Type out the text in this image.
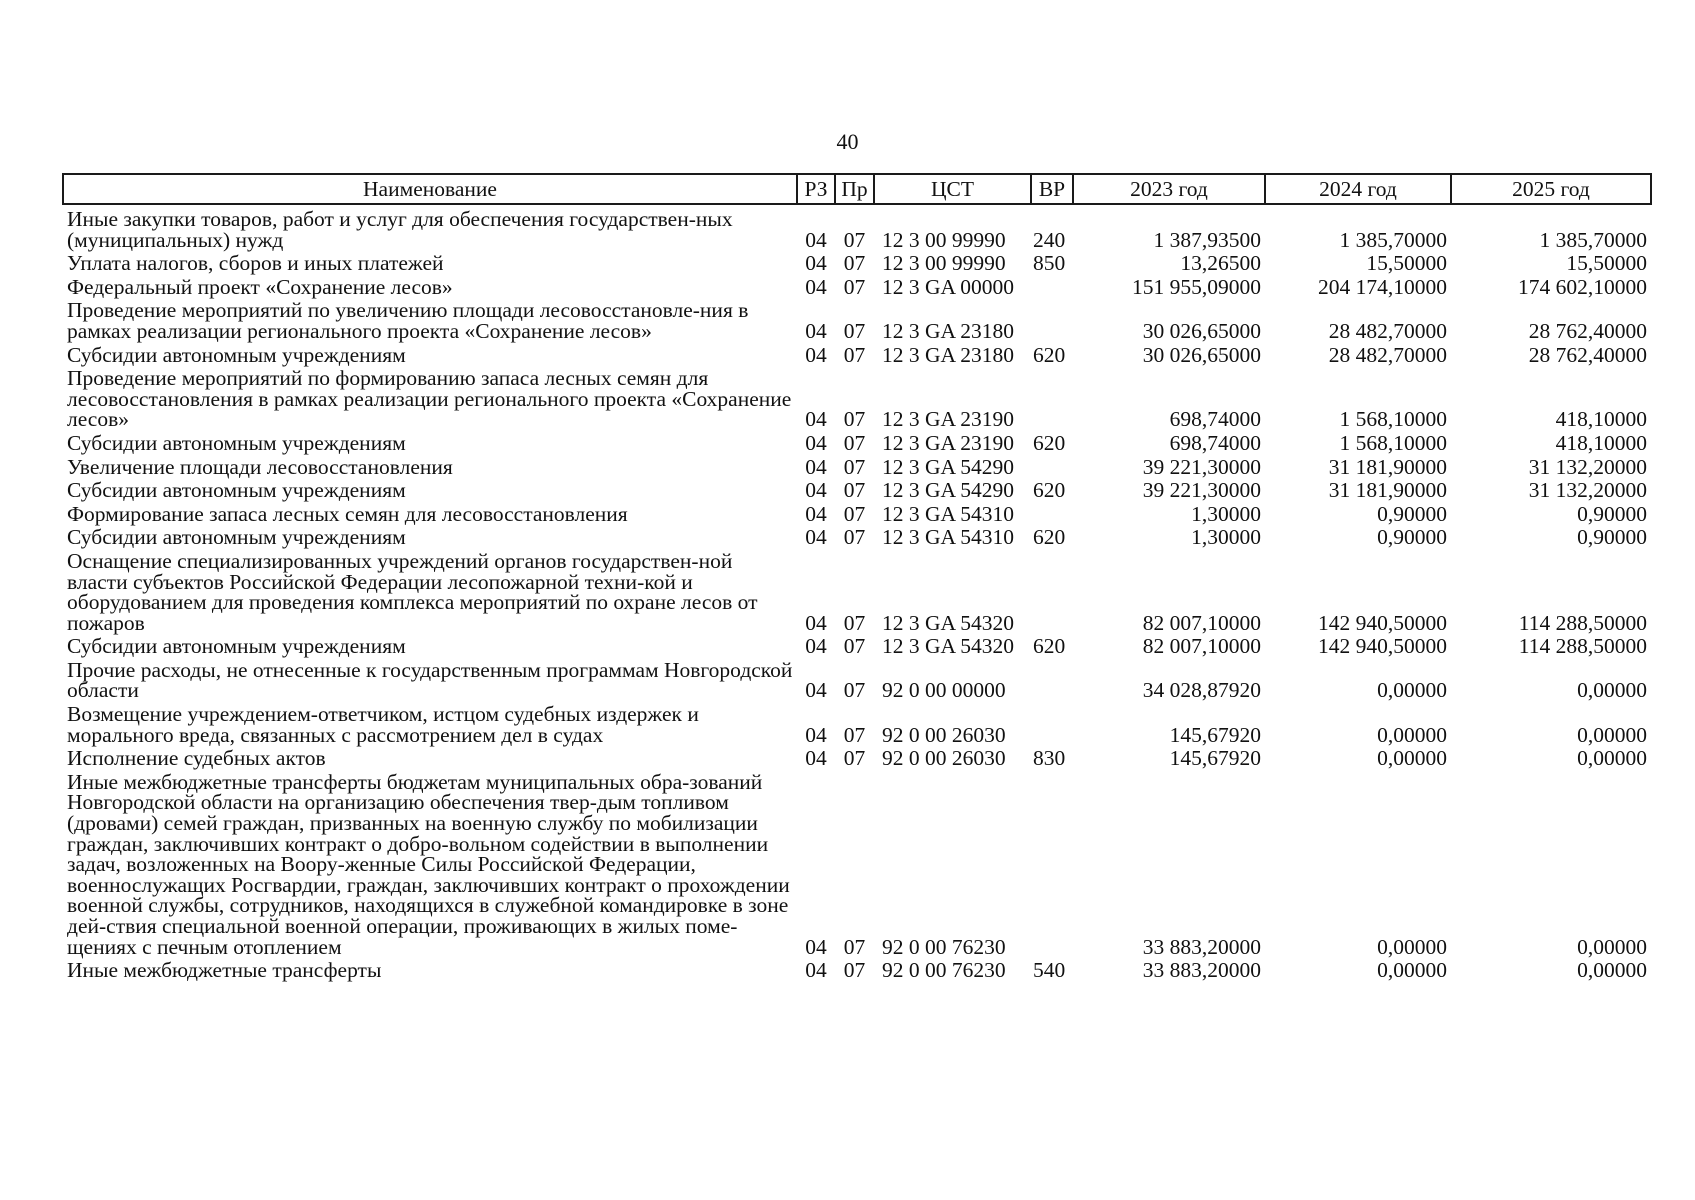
40
Наименование	РЗ	Пр	ЦСТ	ВР	2023 год	2024 год	2025 год
Иные закупки товаров, работ и услуг для обеспечения государствен-ных (муниципальных) нужд	04	07	12 3 00 99990	240	1 387,93500	1 385,70000	1 385,70000
Уплата налогов, сборов и иных платежей	04	07	12 3 00 99990	850	13,26500	15,50000	15,50000
Федеральный проект «Сохранение лесов»	04	07	12 3 GA 00000		151 955,09000	204 174,10000	174 602,10000
Проведение мероприятий по увеличению площади лесовосстановле-ния в рамках реализации регионального проекта «Сохранение лесов»	04	07	12 3 GA 23180		30 026,65000	28 482,70000	28 762,40000
Субсидии автономным учреждениям	04	07	12 3 GA 23180	620	30 026,65000	28 482,70000	28 762,40000
Проведение мероприятий по формированию запаса лесных семян для лесовосстановления в рамках реализации регионального проекта «Сохранение лесов»	04	07	12 3 GA 23190		698,74000	1 568,10000	418,10000
Субсидии автономным учреждениям	04	07	12 3 GA 23190	620	698,74000	1 568,10000	418,10000
Увеличение площади лесовосстановления	04	07	12 3 GA 54290		39 221,30000	31 181,90000	31 132,20000
Субсидии автономным учреждениям	04	07	12 3 GA 54290	620	39 221,30000	31 181,90000	31 132,20000
Формирование запаса лесных семян для лесовосстановления	04	07	12 3 GA 54310		1,30000	0,90000	0,90000
Субсидии автономным учреждениям	04	07	12 3 GA 54310	620	1,30000	0,90000	0,90000
Оснащение специализированных учреждений органов государствен-ной власти субъектов Российской Федерации лесопожарной техни-кой и оборудованием для проведения комплекса мероприятий по охране лесов от пожаров	04	07	12 3 GA 54320		82 007,10000	142 940,50000	114 288,50000
Субсидии автономным учреждениям	04	07	12 3 GA 54320	620	82 007,10000	142 940,50000	114 288,50000
Прочие расходы, не отнесенные к государственным программам Новгородской области	04	07	92 0 00 00000		34 028,87920	0,00000	0,00000
Возмещение учреждением-ответчиком, истцом судебных издержек и морального вреда, связанных с рассмотрением дел в судах	04	07	92 0 00 26030		145,67920	0,00000	0,00000
Исполнение судебных актов	04	07	92 0 00 26030	830	145,67920	0,00000	0,00000
Иные межбюджетные трансферты бюджетам муниципальных обра-зований Новгородской области на организацию обеспечения твер-дым топливом (дровами) семей граждан, призванных на военную службу по мобилизации граждан, заключивших контракт о добро-вольном содействии в выполнении задач, возложенных на Воору-женные Силы Российской Федерации, военнослужащих Росгвардии, граждан, заключивших контракт о прохождении военной службы, сотрудников, находящихся в служебной командировке в зоне дей-ствия специальной военной операции, проживающих в жилых поме-щениях с печным отоплением	04	07	92 0 00 76230		33 883,20000	0,00000	0,00000
Иные межбюджетные трансферты	04	07	92 0 00 76230	540	33 883,20000	0,00000	0,00000
